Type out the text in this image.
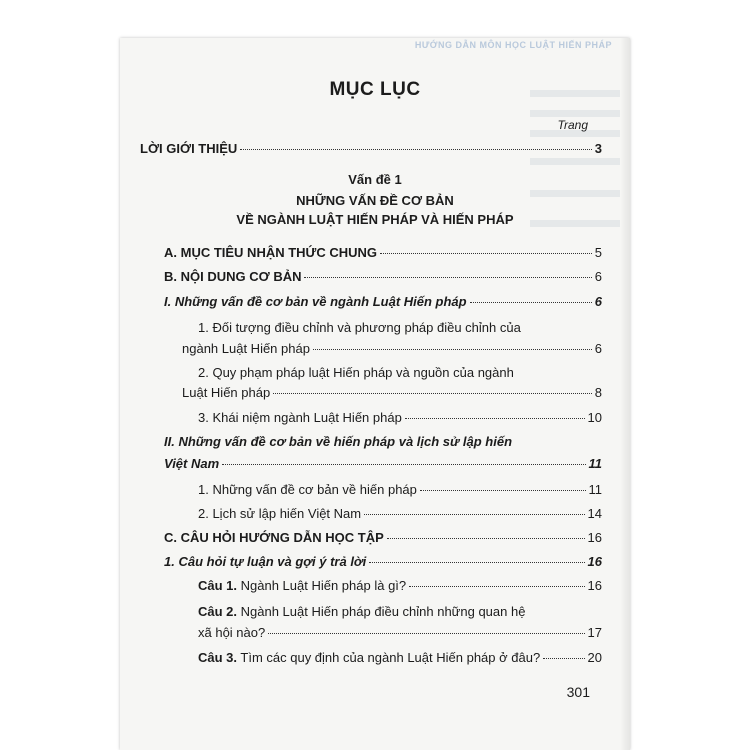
HƯỚNG DẪN MÔN HỌC LUẬT HIẾN PHÁP
MỤC LỤC
Trang
LỜI GIỚI THIỆU	3
Vấn đề 1
NHỮNG VẤN ĐỀ CƠ BẢN
VỀ NGÀNH LUẬT HIẾN PHÁP VÀ HIẾN PHÁP
A. MỤC TIÊU NHẬN THỨC CHUNG	5
B. NỘI DUNG CƠ BẢN	6
I. Những vấn đề cơ bản về ngành Luật Hiến pháp	6
1. Đối tượng điều chỉnh và phương pháp điều chỉnh của
ngành Luật Hiến pháp	6
2. Quy phạm pháp luật Hiến pháp và nguồn của ngành
Luật Hiến pháp	8
3. Khái niệm ngành Luật Hiến pháp	10
II. Những vấn đề cơ bản về hiến pháp và lịch sử lập hiến
Việt Nam	11
1. Những vấn đề cơ bản về hiến pháp	11
2. Lịch sử lập hiến Việt Nam	14
C. CÂU HỎI HƯỚNG DẪN HỌC TẬP	16
1. Câu hỏi tự luận và gợi ý trả lời	16
Câu 1. Ngành Luật Hiến pháp là gì?	16
Câu 2. Ngành Luật Hiến pháp điều chỉnh những quan hệ
xã hội nào?	17
Câu 3. Tìm các quy định của ngành Luật Hiến pháp ở đâu?	20
301
